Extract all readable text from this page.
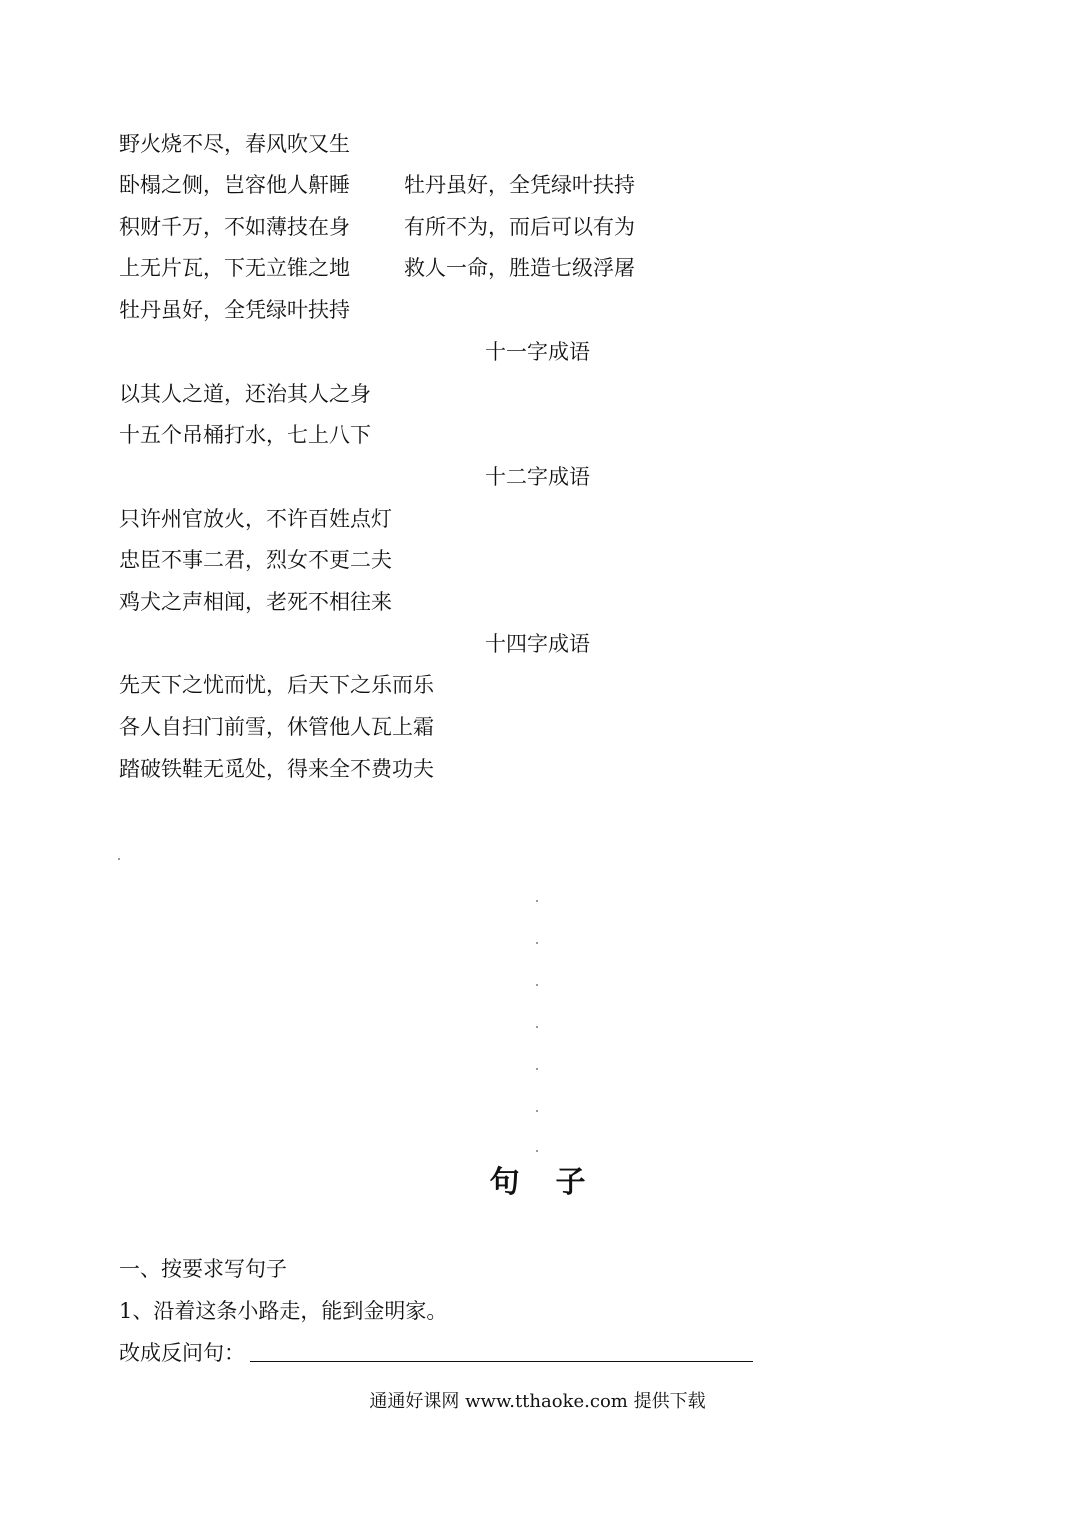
野火烧不尽，春风吹又生
卧榻之侧，岂容他人鼾睡	牡丹虽好，全凭绿叶扶持
积财千万，不如薄技在身	有所不为，而后可以有为
上无片瓦，下无立锥之地	救人一命，胜造七级浮屠
牡丹虽好，全凭绿叶扶持
十一字成语
以其人之道，还治其人之身
十五个吊桶打水，七上八下
十二字成语
只许州官放火，不许百姓点灯
忠臣不事二君，烈女不更二夫
鸡犬之声相闻，老死不相往来
十四字成语
先天下之忧而忧，后天下之乐而乐
各人自扫门前雪，休管他人瓦上霜
踏破铁鞋无觅处，得来全不费功夫
句子
一、按要求写句子
1、沿着这条小路走，能到金明家。
改成反问句：
通通好课网 www.tthaoke.com 提供下载
